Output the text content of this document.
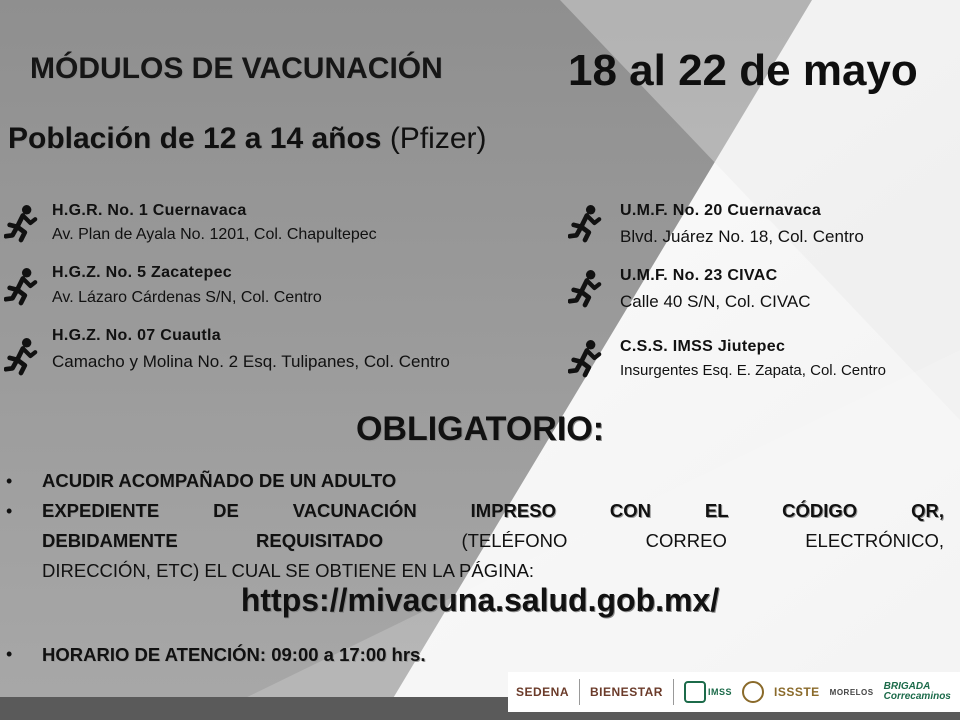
MÓDULOS DE VACUNACIÓN	18 al 22 de mayo
Población de 12 a 14 años (Pfizer)
H.G.R. No. 1 Cuernavaca
Av. Plan de Ayala No. 1201, Col. Chapultepec
H.G.Z. No. 5 Zacatepec
Av. Lázaro Cárdenas S/N, Col. Centro
H.G.Z. No. 07 Cuautla
Camacho y Molina No. 2 Esq. Tulipanes, Col. Centro
U.M.F. No. 20 Cuernavaca
Blvd. Juárez No. 18, Col. Centro
U.M.F. No. 23 CIVAC
Calle 40 S/N, Col. CIVAC
C.S.S. IMSS Jiutepec
Insurgentes Esq. E. Zapata, Col. Centro
OBLIGATORIO:
•	ACUDIR ACOMPAÑADO DE UN ADULTO
•	EXPEDIENTE DE VACUNACIÓN IMPRESO CON EL CÓDIGO QR,
DEBIDAMENTE REQUISITADO (TELÉFONO CORREO ELECTRÓNICO,
DIRECCIÓN, ETC) EL CUAL SE OBTIENE EN LA PÁGINA:
https://mivacuna.salud.gob.mx/
•	HORARIO DE ATENCIÓN: 09:00 a 17:00 hrs.
SEDENA BIENESTAR	IMSS	ISSSTE MORELOS BRIGADA
Correcaminos
